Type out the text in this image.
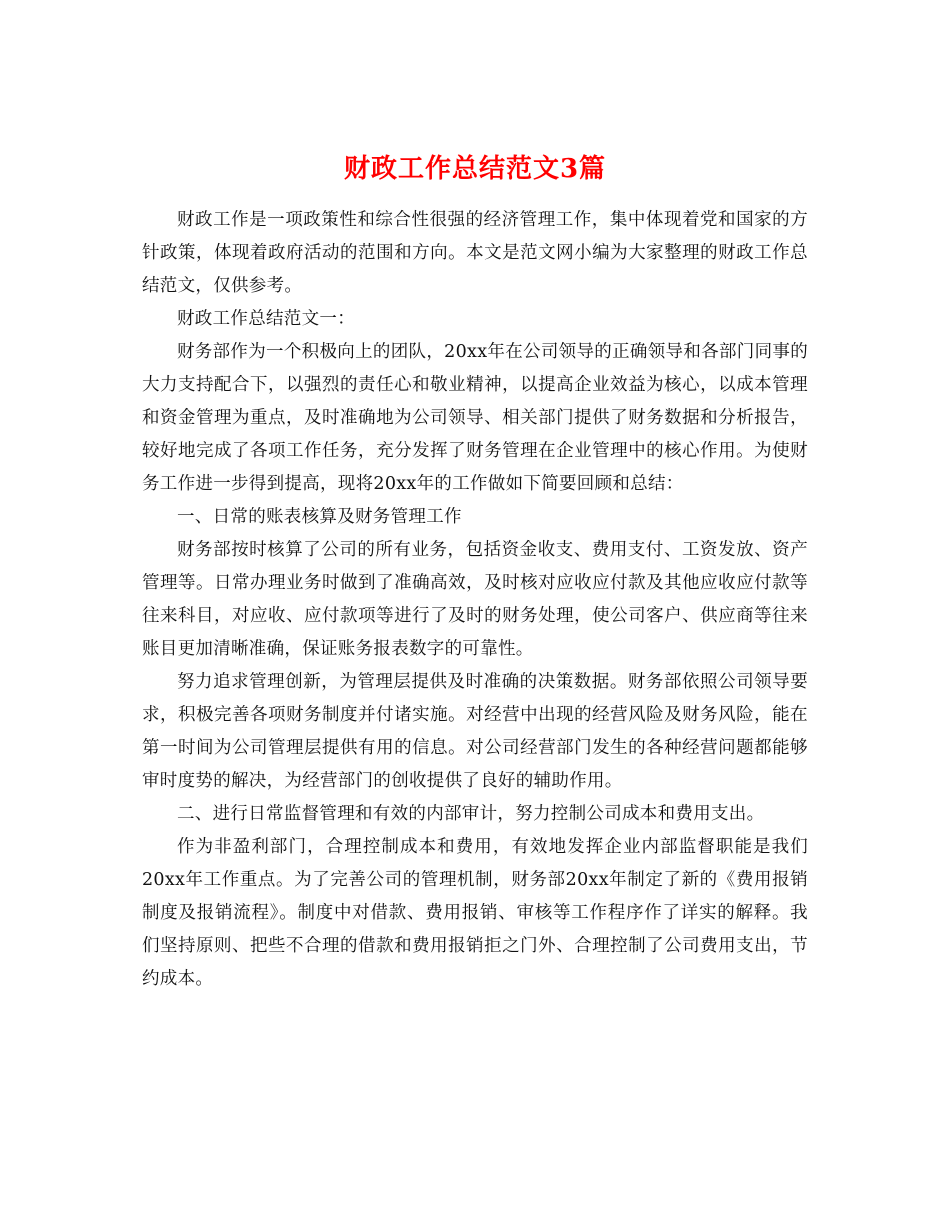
财政工作总结范文3篇

财政工作是一项政策性和综合性很强的经济管理工作，集中体现着党和国家的方针政策，体现着政府活动的范围和方向。本文是范文网小编为大家整理的财政工作总结范文，仅供参考。

财政工作总结范文一：

财务部作为一个积极向上的团队，20xx年在公司领导的正确领导和各部门同事的大力支持配合下，以强烈的责任心和敬业精神，以提高企业效益为核心，以成本管理和资金管理为重点，及时准确地为公司领导、相关部门提供了财务数据和分析报告，较好地完成了各项工作任务，充分发挥了财务管理在企业管理中的核心作用。为使财务工作进一步得到提高，现将20xx年的工作做如下简要回顾和总结：

一、日常的账表核算及财务管理工作

财务部按时核算了公司的所有业务，包括资金收支、费用支付、工资发放、资产管理等。日常办理业务时做到了准确高效，及时核对应收应付款及其他应收应付款等往来科目，对应收、应付款项等进行了及时的财务处理，使公司客户、供应商等往来账目更加清晰准确，保证账务报表数字的可靠性。

努力追求管理创新，为管理层提供及时准确的决策数据。财务部依照公司领导要求，积极完善各项财务制度并付诸实施。对经营中出现的经营风险及财务风险，能在第一时间为公司管理层提供有用的信息。对公司经营部门发生的各种经营问题都能够审时度势的解决，为经营部门的创收提供了良好的辅助作用。

二、进行日常监督管理和有效的内部审计，努力控制公司成本和费用支出。

作为非盈利部门，合理控制成本和费用，有效地发挥企业内部监督职能是我们20xx年工作重点。为了完善公司的管理机制，财务部20xx年制定了新的《费用报销制度及报销流程》。制度中对借款、费用报销、审核等工作程序作了详实的解释。我们坚持原则、把些不合理的借款和费用报销拒之门外、合理控制了公司费用支出，节约成本。
